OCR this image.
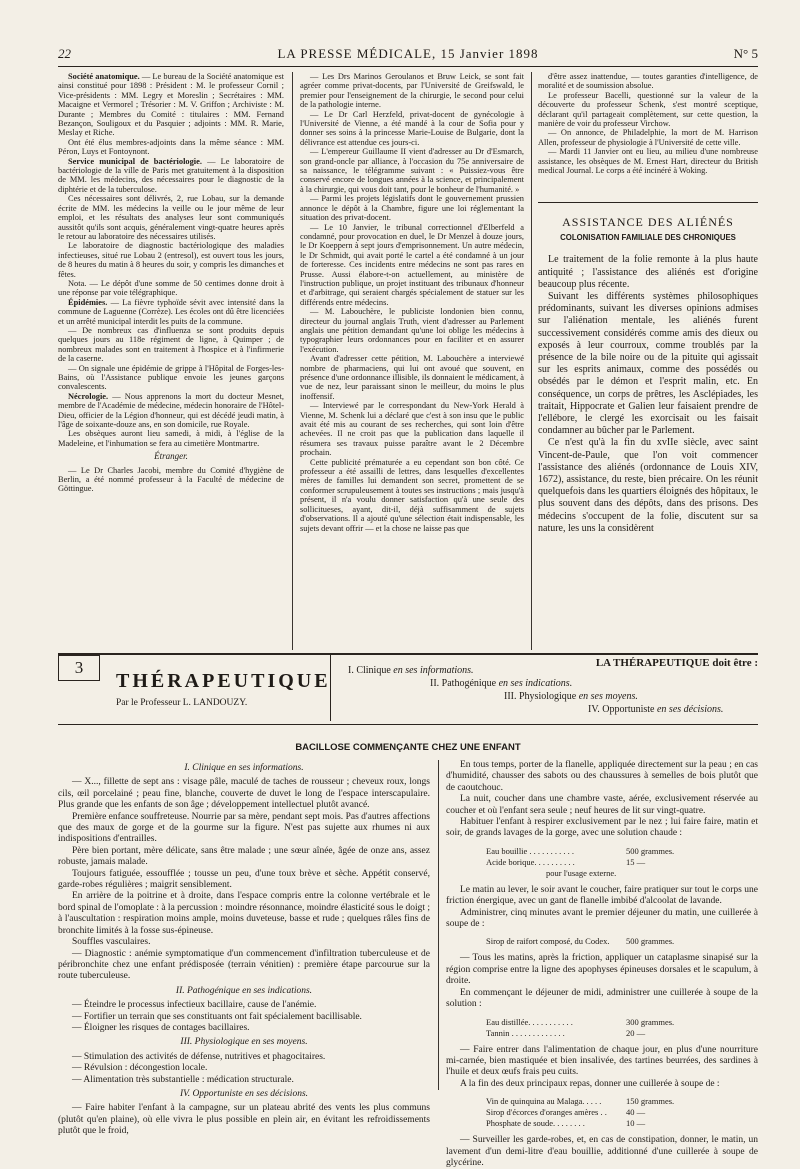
22	LA PRESSE MÉDICALE, 15 Janvier 1898	N° 5

Société anatomique. — Le bureau de la Société anatomique est ainsi constitué pour 1898 : Président : M. le professeur Cornil ; Vice-présidents : MM. Legry et Moreslin ; Secrétaires : MM. Macaigne et Vermorel ; Trésorier : M. V. Griffon ; Archiviste : M. Durante ; Membres du Comité : titulaires : MM. Fernand Bezançon, Souligoux et du Pasquier ; adjoints : MM. R. Marie, Meslay et Riche.

Ont été élus membres-adjoints dans la même séance : MM. Péron, Luys et Fontoynont.

Service municipal de bactériologie. — Le laboratoire de bactériologie de la ville de Paris met gratuitement à la disposition de MM. les médecins, des nécessaires pour le diagnostic de la diphtérie et de la tuberculose.

Ces nécessaires sont délivrés, 2, rue Lobau, sur la demande écrite de MM. les médecins la veille ou le jour même de leur emploi, et les résultats des analyses leur sont communiqués aussitôt qu'ils sont acquis, généralement vingt-quatre heures après le retour au laboratoire des nécessaires utilisés.

Le laboratoire de diagnostic bactériologique des maladies infectieuses, situé rue Lobau 2 (entresol), est ouvert tous les jours, de 8 heures du matin à 8 heures du soir, y compris les dimanches et fêtes.

Nota. — Le dépôt d'une somme de 50 centimes donne droit à une réponse par voie télégraphique.

Épidémies. — La fièvre typhoïde sévit avec intensité dans la commune de Laguenne (Corrèze). Les écoles ont dû être licenciées et un arrêté municipal interdit les puits de la commune.

— De nombreux cas d'influenza se sont produits depuis quelques jours au 118e régiment de ligne, à Quimper ; de nombreux malades sont en traitement à l'hospice et à l'infirmerie de la caserne.

— On signale une épidémie de grippe à l'Hôpital de Forges-les-Bains, où l'Assistance publique envoie les jeunes garçons convalescents.

Nécrologie. — Nous apprenons la mort du docteur Mesnet, membre de l'Académie de médecine, médecin honoraire de l'Hôtel-Dieu, officier de la Légion d'honneur, qui est décédé jeudi matin, à l'âge de soixante-douze ans, en son domicile, rue Royale.

Les obsèques auront lieu samedi, à midi, à l'église de la Madeleine, et l'inhumation se fera au cimetière Montmartre.

Étranger.

— Le Dr Charles Jacobi, membre du Comité d'hygiène de Berlin, a été nommé professeur à la Faculté de médecine de Göttingue.

— Les Drs Marinos Geroulanos et Bruw Leick, se sont fait agréer comme privat-docents, par l'Université de Greifswald, le premier pour l'enseignement de la chirurgie, le second pour celui de la pathologie interne.

— Le Dr Carl Herzfeld, privat-docent de gynécologie à l'Université de Vienne, a été mandé à la cour de Sofia pour y donner ses soins à la princesse Marie-Louise de Bulgarie, dont la délivrance est attendue ces jours-ci.

— L'empereur Guillaume II vient d'adresser au Dr d'Esmarch, son grand-oncle par alliance, à l'occasion du 75e anniversaire de sa naissance, le télégramme suivant : « Puissiez-vous être conservé encore de longues années à la science, et principalement à la chirurgie, qui vous doit tant, pour le bonheur de l'humanité. »

— Parmi les projets législatifs dont le gouvernement prussien annonce le dépôt à la Chambre, figure une loi réglementant la situation des privat-docent.

— Le 10 Janvier, le tribunal correctionnel d'Elberfeld a condamné, pour provocation en duel, le Dr Menzel à douze jours, le Dr Koeppern à sept jours d'emprisonnement. Un autre médecin, le Dr Schmidt, qui avait porté le cartel a été condamné à un jour de forteresse. Ces incidents entre médecins ne sont pas rares en Prusse. Aussi élabore-t-on actuellement, au ministère de l'instruction publique, un projet instituant des tribunaux d'honneur et d'arbitrage, qui seraient chargés spécialement de statuer sur les différends entre médecins.

— M. Labouchère, le publiciste londonien bien connu, directeur du journal anglais Truth, vient d'adresser au Parlement anglais une pétition demandant qu'une loi oblige les médecins à typographier leurs ordonnances pour en faciliter et en assurer l'exécution.

Avant d'adresser cette pétition, M. Labouchère a interviewé nombre de pharmaciens, qui lui ont avoué que souvent, en présence d'une ordonnance illisible, ils donnaient le médicament, à vue de nez, leur paraissant sinon le meilleur, du moins le plus inoffensif.

— Interviewé par le correspondant du New-York Herald à Vienne, M. Schenk lui a déclaré que c'est à son insu que le public avait été mis au courant de ses recherches, qui sont loin d'être achevées. Il ne croit pas que la publication dans laquelle il résumera ses travaux puisse paraître avant le 2 Décembre prochain.

Cette publicité prématurée a eu cependant son bon côté. Ce professeur a été assailli de lettres, dans lesquelles d'excellentes mères de familles lui demandent son secret, promettent de se conformer scrupuleusement à toutes ses instructions ; mais jusqu'à présent, il n'a voulu donner satisfaction qu'à une seule des sollicitueses, ayant, dit-il, déjà suffisamment de sujets d'observations. Il a ajouté qu'une sélection était indispensable, les sujets devant offrir — et la chose ne laisse pas que

d'être assez inattendue, — toutes garanties d'intelligence, de moralité et de soumission absolue.

Le professeur Bacelli, questionné sur la valeur de la découverte du professeur Schenk, s'est montré sceptique, déclarant qu'il partageait complètement, sur cette question, la manière de voir du professeur Virchow.

— On annonce, de Philadelphie, la mort de M. Harrison Allen, professeur de physiologie à l'Université de cette ville.

— Mardi 11 Janvier ont eu lieu, au milieu d'une nombreuse assistance, les obsèques de M. Ernest Hart, directeur du British medical Journal. Le corps a été incinéré à Woking.

ASSISTANCE DES ALIÉNÉS
COLONISATION FAMILIALE DES CHRONIQUES

Le traitement de la folie remonte à la plus haute antiquité ; l'assistance des aliénés est d'origine beaucoup plus récente.

Suivant les différents systèmes philosophiques prédominants, suivant les diverses opinions admises sur l'aliénation mentale, les aliénés furent successivement considérés comme amis des dieux ou exposés à leur courroux, comme troublés par la présence de la bile noire ou de la pituite qui agissait sur les esprits animaux, comme des possédés ou obsédés par le démon et l'esprit malin, etc. En conséquence, un corps de prêtres, les Asclépiades, les traitait, Hippocrate et Galien leur faisaient prendre de l'ellébore, le clergé les exorcisait ou les faisait condamner au bûcher par le Parlement.

Ce n'est qu'à la fin du xvIIe siècle, avec saint Vincent-de-Paule, que l'on voit commencer l'assistance des aliénés (ordonnance de Louis XIV, 1672), assistance, du reste, bien précaire. On les réunit quelquefois dans les quartiers éloignés des hôpitaux, le plus souvent dans des dépôts, dans des prisons. Des médecins s'occupent de la folie, discutent sur sa nature, les uns la considèrent

3
THÉRAPEUTIQUE
Par le Professeur L. LANDOUZY.
LA THÉRAPEUTIQUE doit être :
I. Clinique en ses informations.
II. Pathogénique en ses indications.
III. Physiologique en ses moyens.
IV. Opportuniste en ses décisions.
BACILLOSE COMMENÇANTE CHEZ UNE ENFANT

I. Clinique en ses informations.

— X..., fillette de sept ans : visage pâle, maculé de taches de rousseur ; cheveux roux, longs cils, œil porcelainé ; peau fine, blanche, couverte de duvet le long de l'espace interscapulaire. Plus grande que les enfants de son âge ; développement intellectuel plutôt avancé.

Première enfance souffreteuse. Nourrie par sa mère, pendant sept mois. Pas d'autres affections que des maux de gorge et de la gourme sur la figure. N'est pas sujette aux rhumes ni aux indispositions d'entrailles.

Père bien portant, mère délicate, sans être malade ; une sœur aînée, âgée de onze ans, assez robuste, jamais malade.

Toujours fatiguée, essoufflée ; tousse un peu, d'une toux brève et sèche. Appétit conservé, garde-robes régulières ; maigrit sensiblement.

En arrière de la poitrine et à droite, dans l'espace compris entre la colonne vertébrale et le bord spinal de l'omoplate : à la percussion : moindre résonnance, moindre élasticité sous le doigt ; à l'auscultation : respiration moins ample, moins duveteuse, basse et rude ; quelques râles fins de bronchite limités à la fosse sus-épineuse.

Souffles vasculaires.

— Diagnostic : anémie symptomatique d'un commencement d'infiltration tuberculeuse et de péribronchite chez une enfant prédisposée (terrain vénitien) : première étape parcourue sur la route tuberculeuse.

II. Pathogénique en ses indications.

— Éteindre le processus infectieux bacillaire, cause de l'anémie.

— Fortifier un terrain que ses constituants ont fait spécialement bacillisable.

— Éloigner les risques de contages bacillaires.

III. Physiologique en ses moyens.

— Stimulation des activités de défense, nutritives et phagocitaires.

— Révulsion : décongestion locale.

— Alimentation très substantielle : médication structurale.

IV. Opportuniste en ses décisions.

— Faire habiter l'enfant à la campagne, sur un plateau abrité des vents les plus communs (plutôt qu'en plaine), où elle vivra le plus possible en plein air, en évitant les refroidissements plutôt que le froid,

En tous temps, porter de la flanelle, appliquée directement sur la peau ; en cas d'humidité, chausser des sabots ou des chaussures à semelles de bois plutôt que de caoutchouc.

La nuit, coucher dans une chambre vaste, aérée, exclusivement réservée au coucher et où l'enfant sera seule ; neuf heures de lit sur vingt-quatre.

Habituer l'enfant à respirer exclusivement par le nez ; lui faire faire, matin et soir, de grands lavages de la gorge, avec une solution chaude :

Eau bouillie . . . . . . . . . . .	500 grammes.
Acide borique. . . . . . . . . .	15 —
pour l'usage externe.

Le matin au lever, le soir avant le coucher, faire pratiquer sur tout le corps une friction énergique, avec un gant de flanelle imbibé d'alcoolat de lavande.

Administrer, cinq minutes avant le premier déjeuner du matin, une cuillerée à soupe de :

Sirop de raifort composé, du Codex.	500 grammes.

— Tous les matins, après la friction, appliquer un cataplasme sinapisé sur la région comprise entre la ligne des apophyses épineuses dorsales et le scapulum, à droite.

En commençant le déjeuner de midi, administrer une cuillerée à soupe de la solution :

Eau distillée. . . . . . . . . . .	300 grammes.
Tannin . . . . . . . . . . . . .	20 —

— Faire entrer dans l'alimentation de chaque jour, en plus d'une nourriture mi-carnée, bien mastiquée et bien insalivée, des tartines beurrées, des sardines à l'huile et deux œufs frais peu cuits.

A la fin des deux principaux repas, donner une cuillerée à soupe de :

Vin de quinquina au Malaga. . . . .	150 grammes.
Sirop d'écorces d'oranges amères . .	40 —
Phosphate de soude. . . . . . . .	10 —

— Surveiller les garde-robes, et, en cas de constipation, donner, le matin, un lavement d'un demi-litre d'eau bouillie, additionné d'une cuillerée à soupe de glycérine.
